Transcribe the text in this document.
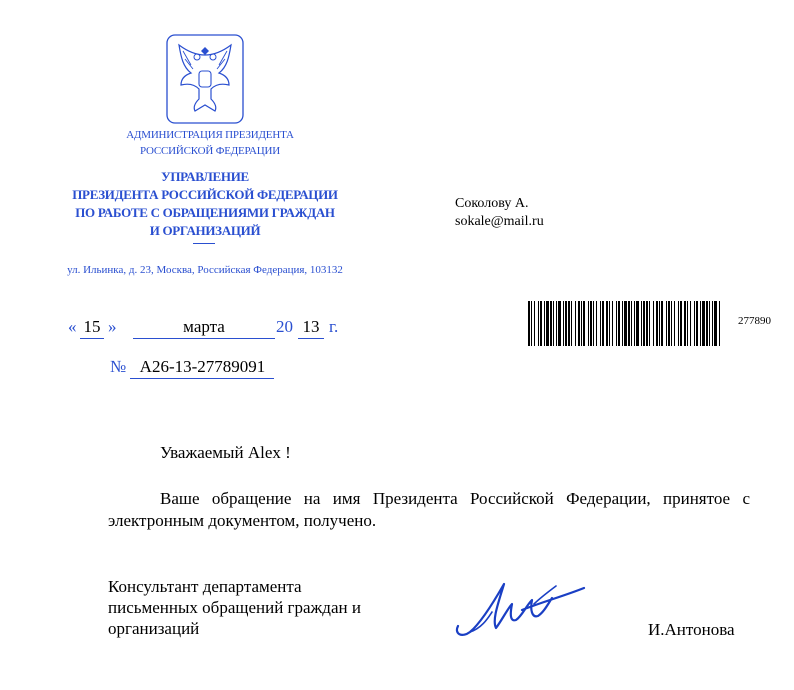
АДМИНИСТРАЦИЯ ПРЕЗИДЕНТА
РОССИЙСКОЙ ФЕДЕРАЦИИ
УПРАВЛЕНИЕ
ПРЕЗИДЕНТА РОССИЙСКОЙ ФЕДЕРАЦИИ
ПО РАБОТЕ С ОБРАЩЕНИЯМИ ГРАЖДАН
И ОРГАНИЗАЦИЙ
ул. Ильинка, д. 23, Москва, Российская Федерация, 103132
Соколову А.
sokale@mail.ru
« 15 »	марта	20 13 г.
№ А26-13-27789091
277890
Уважаемый Alex !
Ваше обращение на имя Президента Российской Федерации, принятое с электронным документом, получено.
Консультант департамента
письменных обращений граждан и
организаций	И.Антонова
